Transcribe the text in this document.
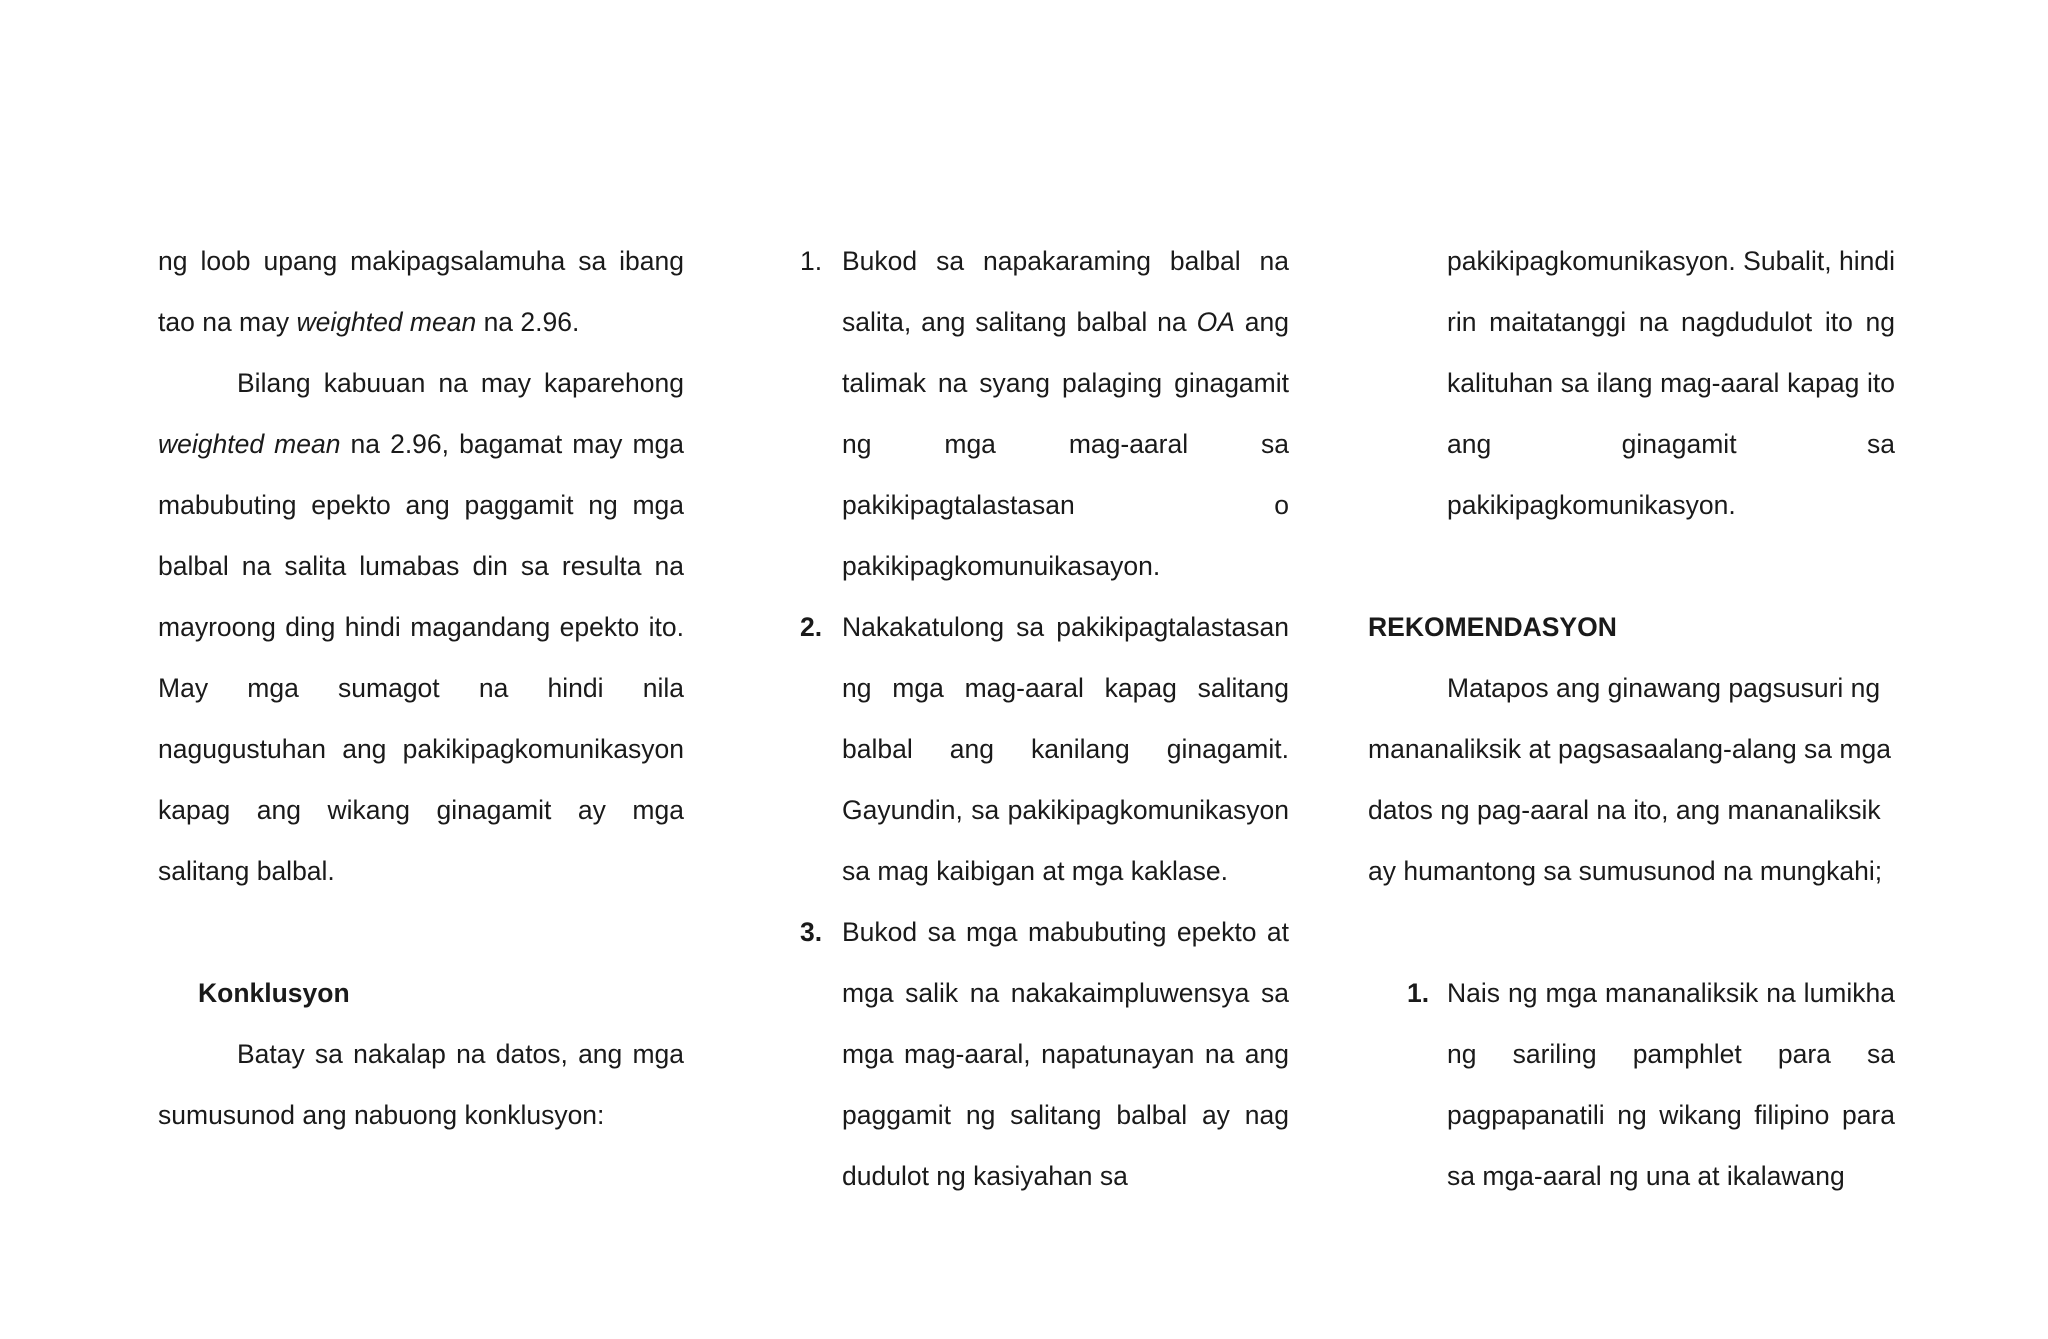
ng loob upang makipagsalamuha sa ibang tao na may weighted mean na 2.96.

Bilang kabuuan na may kaparehong weighted mean na 2.96, bagamat may mga mabubuting epekto ang paggamit ng mga balbal na salita lumabas din sa resulta na mayroong ding hindi magandang epekto ito. May mga sumagot na hindi nila nagugustuhan ang pakikipagkomunikasyon kapag ang wikang ginagamit ay mga salitang balbal.

Konklusyon

Batay sa nakalap na datos, ang mga sumusunod ang nabuong konklusyon:

1. Bukod sa napakaraming balbal na salita, ang salitang balbal na OA ang talimak na syang palaging ginagamit ng mga mag-aaral sa pakikipagtalastasan o pakikipagkomunuikasayon.
2. Nakakatulong sa pakikipagtalastasan ng mga mag-aaral kapag salitang balbal ang kanilang ginagamit. Gayundin, sa pakikipagkomunikasyon sa mag kaibigan at mga kaklase.
3. Bukod sa mga mabubuting epekto at mga salik na nakakaimpluwensya sa mga mag-aaral, napatunayan na ang paggamit ng salitang balbal ay nag dudulot ng kasiyahan sa

pakikipagkomunikasyon. Subalit, hindi rin maitatanggi na nagdudulot ito ng kalituhan sa ilang mag-aaral kapag ito ang ginagamit sa pakikipagkomunikasyon.

REKOMENDASYON

Matapos ang ginawang pagsusuri ng mananaliksik at pagsasaalang-alang sa mga datos ng pag-aaral na ito, ang mananaliksik ay humantong sa sumusunod na mungkahi;

1. Nais ng mga mananaliksik na lumikha ng sariling pamphlet para sa pagpapanatili ng wikang filipino para sa mga-aaral ng una at ikalawang
